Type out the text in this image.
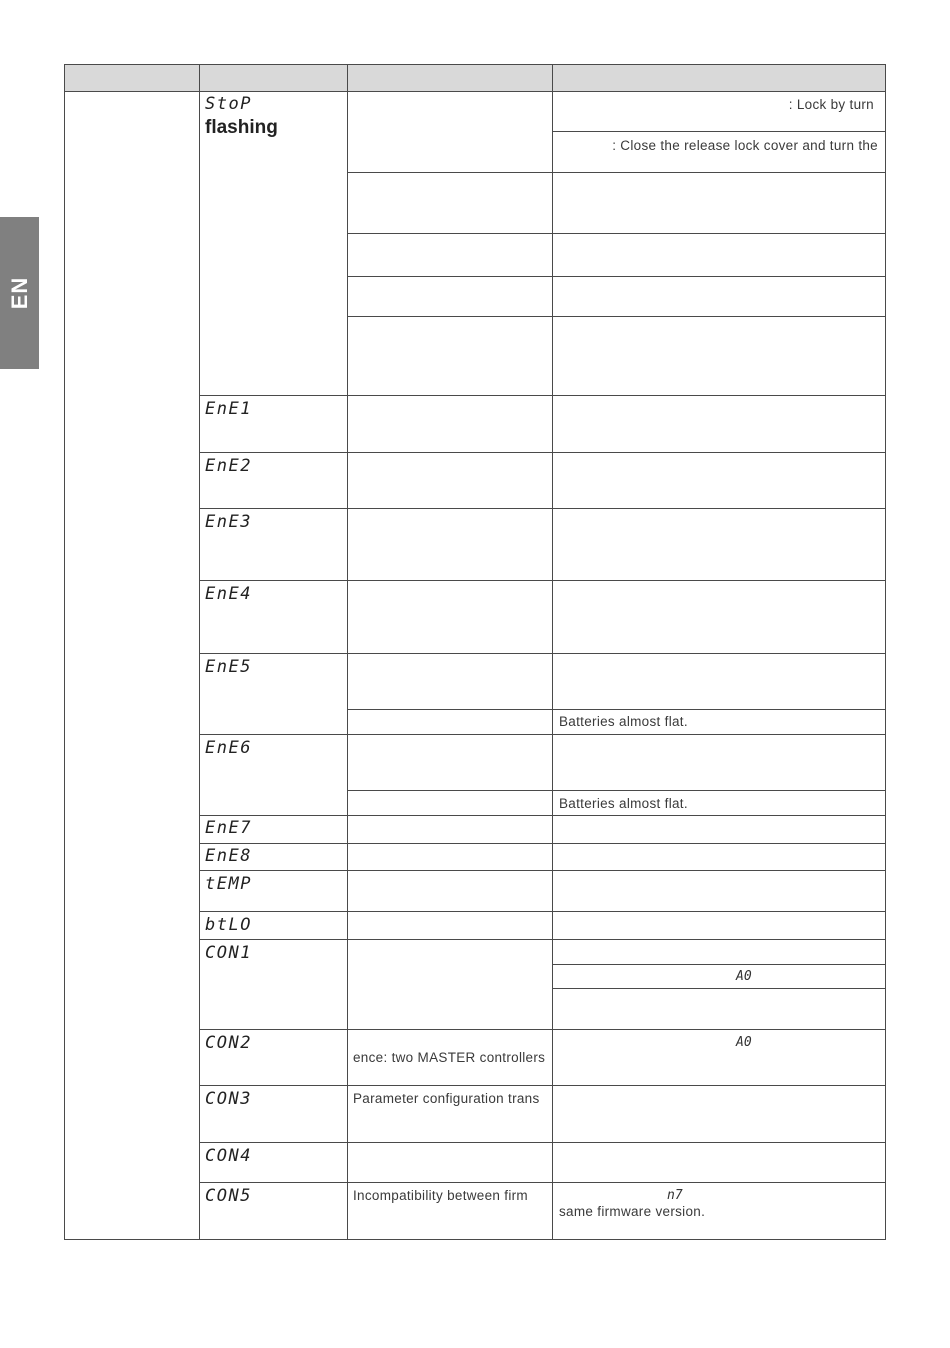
EN
StoP
flashing
EnE1
EnE2
EnE3
EnE4
EnE5
EnE6
EnE7
EnE8
tEMP
btLO
CON1
CON2
CON3
CON4
CON5
: Lock by turn
: Close the release lock cover and turn the
Batteries almost flat.
Batteries almost flat.
A0
A0
ence: two MASTER controllers
Parameter configuration trans
Incompatibility between firm	n7
same firmware version.
